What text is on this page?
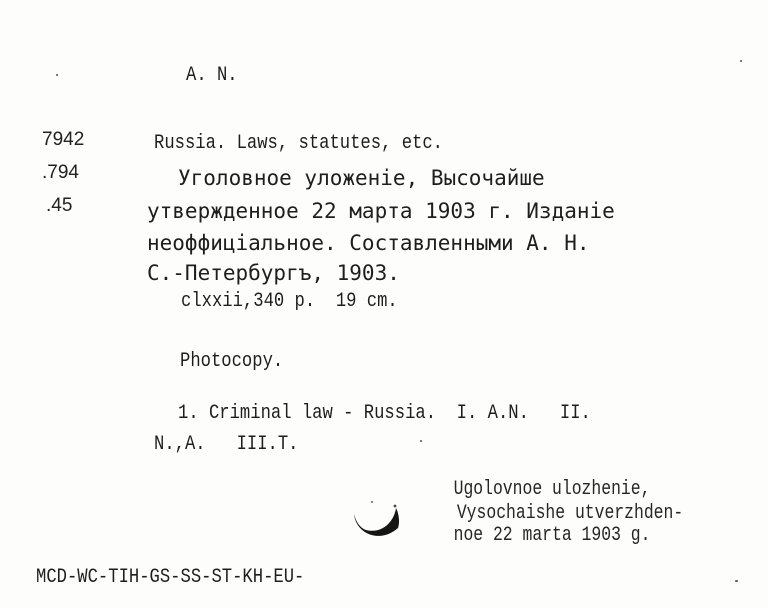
A. N.
7942
.794
.45
Russia. Laws, statutes, etc.
Уголовное уложенiе, Высочайше
утвержденное 22 марта 1903 г. Изданiе
неоффицiальное. Составленными А. Н.
С.-Петербургъ, 1903.
clxxii,340 p.  19 cm.
Photocopy.
1. Criminal law - Russia.  I. A.N.   II.
N.,A.   III.T.
Ugolovnoe ulozhenie,
Vysochaishe utverzhden-
noe 22 marta 1903 g.
MCD-WC-TIH-GS-SS-ST-KH-EU-
